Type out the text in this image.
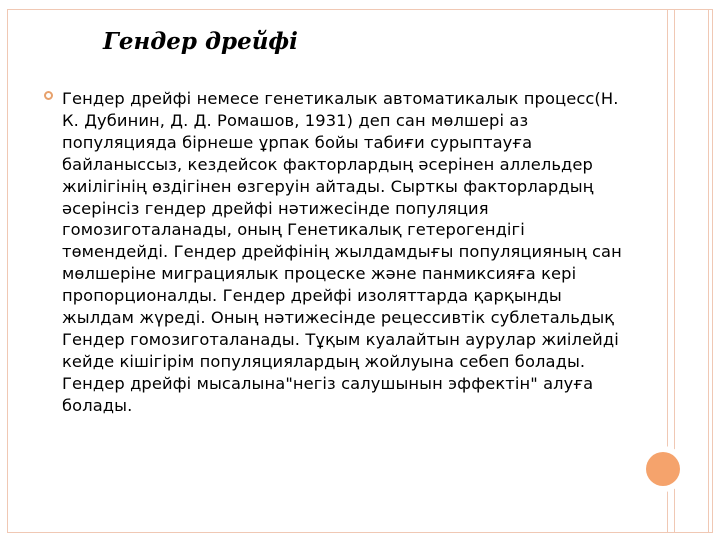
Гендер дрейфі

Гендер дрейфі немесе генетикалык автоматикалык процесс(Н. К. Дубинин, Д. Д. Ромашов, 1931) деп сан мөлшері аз популяцияда бірнеше ұрпак бойы табиғи сурыптауға байланыссыз, кездейсок факторлардың әсерінен аллельдер жиілігінің өздігінен өзгеруін айтады. Сырткы факторлардың әсерінсіз гендер дрейфі нәтижесінде популяция гомозиготаланады, оның Генетикалық гетерогендігі төмендейді. Гендер дрейфінің жылдамдығы популяцияның сан мөлшеріне миграциялык процеске және панмиксияға кері пропорционалды. Гендер дрейфі изоляттарда қарқынды жылдам жүреді. Оның нәтижесінде рецессивтік сублетальдық Гендер гомозиготаланады. Тұқым куалайтын аурулар жиілейді кейде кішігірім популяциялардың жойлуына себеп болады. Гендер дрейфі мысалына"негіз салушынын эффектін" алуға болады.
